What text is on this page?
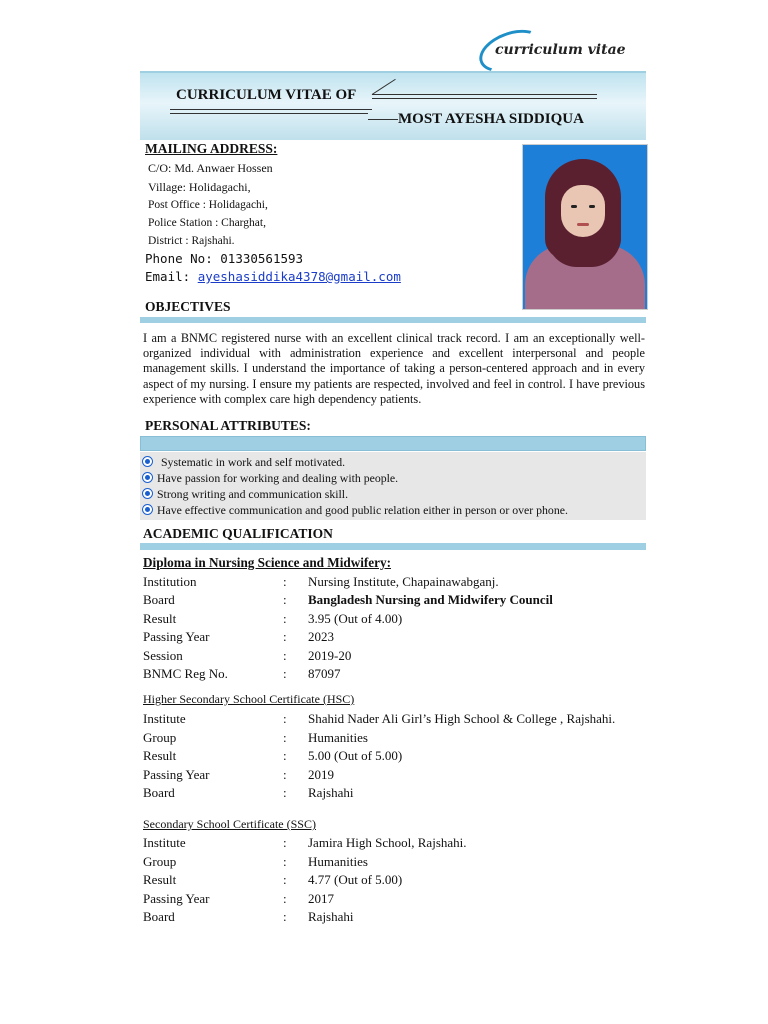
curriculum vitae
CURRICULUM VITAE OF
MOST AYESHA SIDDIQUA
MAILING ADDRESS:
C/O: Md. Anwaer Hossen
Village: Holidagachi,
Post Office : Holidagachi,
Police Station : Charghat,
District : Rajshahi.
Phone No: 01330561593
Email: ayeshasiddika4378@gmail.com
OBJECTIVES
I am a BNMC registered nurse with an excellent clinical track record. I am an exceptionally well-organized individual with administration experience and excellent interpersonal and people management skills. I understand the importance of taking a person-centered approach and in every aspect of my nursing. I ensure my patients are respected, involved and feel in control. I have previous experience with complex care high dependency patients.
PERSONAL ATTRIBUTES:
Systematic in work and self motivated.
Have passion for working and dealing with people.
Strong writing and communication skill.
Have effective communication and good public relation either in person or over phone.
ACADEMIC QUALIFICATION
Diploma in Nursing Science and Midwifery:
Institution	: Nursing Institute, Chapainawabganj.
Board	: Bangladesh Nursing and Midwifery Council
Result	: 3.95 (Out of 4.00)
Passing Year	: 2023
Session	: 2019-20
BNMC Reg No.	: 87097
Higher Secondary School Certificate (HSC)
Institute	: Shahid Nader Ali Girl’s High School & College , Rajshahi.
Group	: Humanities
Result	: 5.00 (Out of 5.00)
Passing Year	: 2019
Board	: Rajshahi
Secondary School Certificate (SSC)
Institute	: Jamira High School, Rajshahi.
Group	: Humanities
Result	: 4.77 (Out of 5.00)
Passing Year	: 2017
Board	: Rajshahi
